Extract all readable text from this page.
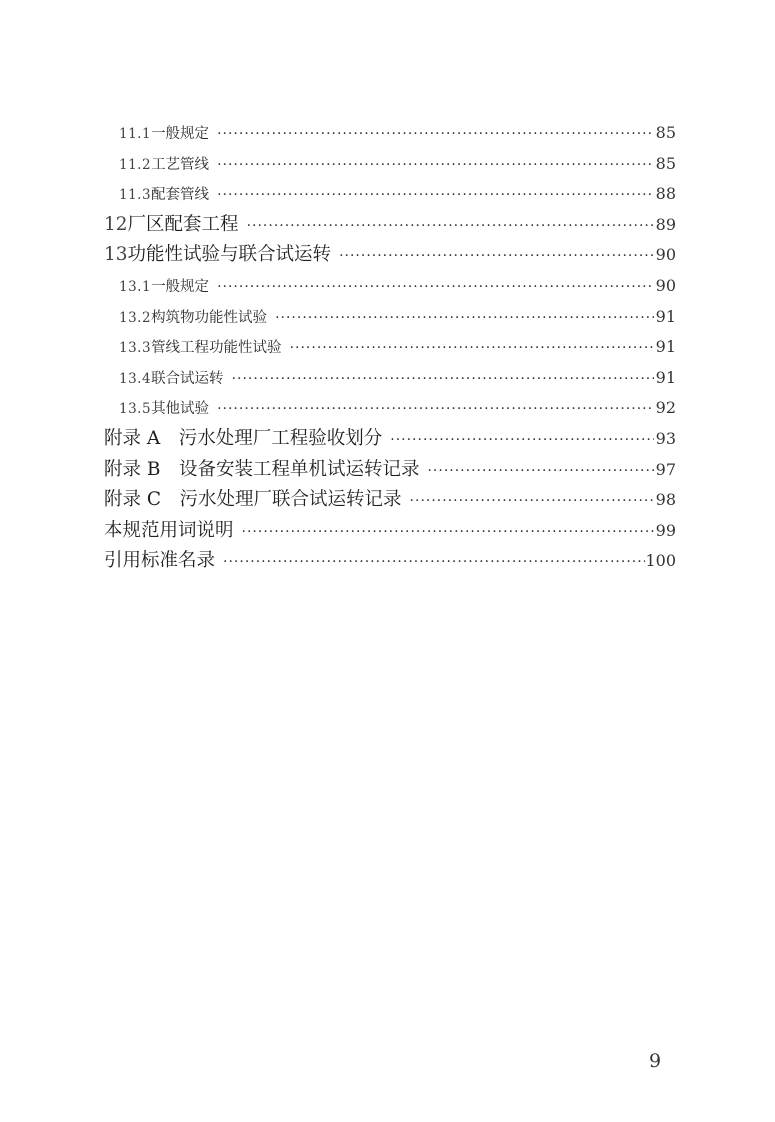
11.1 一般规定 ·····	85
11.2 工艺管线 ·····	85
11.3 配套管线 ·····	88
12 厂区配套工程 ·····	89
13 功能性试验与联合试运转 ·····	90
13.1 一般规定 ·····	90
13.2 构筑物功能性试验 ·····	91
13.3 管线工程功能性试验 ·····	91
13.4 联合试运转 ·····	91
13.5 其他试验 ·····	92
附录 A　污水处理厂工程验收划分 ·····	93
附录 B　设备安装工程单机试运转记录 ·····	97
附录 C　污水处理厂联合试运转记录 ·····	98
本规范用词说明 ·····	99
引用标准名录 ·····	100
9
